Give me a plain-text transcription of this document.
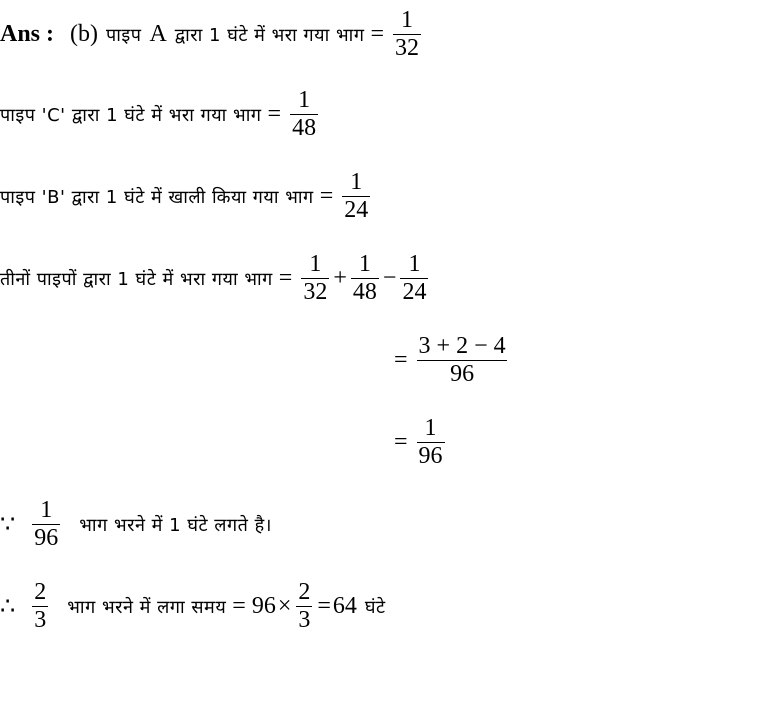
Ans : (b) पाइप A द्वारा 1 घंटे में भरा गया भाग = $\frac{1}{32}$
पाइप 'C' द्वारा 1 घंटे में भरा गया भाग = $\frac{1}{48}$
पाइप 'B' द्वारा 1 घंटे में खाली किया गया भाग = $\frac{1}{24}$
तीनों पाइपों द्वारा 1 घंटे में भरा गया भाग = $\frac{1}{32} + \frac{1}{48} - \frac{1}{24}$
= $\frac{3 + 2 - 4}{96}$
= $\frac{1}{96}$
∵ $\frac{1}{96}$ भाग भरने में 1 घंटे लगते है।
∴ $\frac{2}{3}$ भाग भरने में लगा समय = $96 \times \frac{2}{3} = 64$ घंटे
